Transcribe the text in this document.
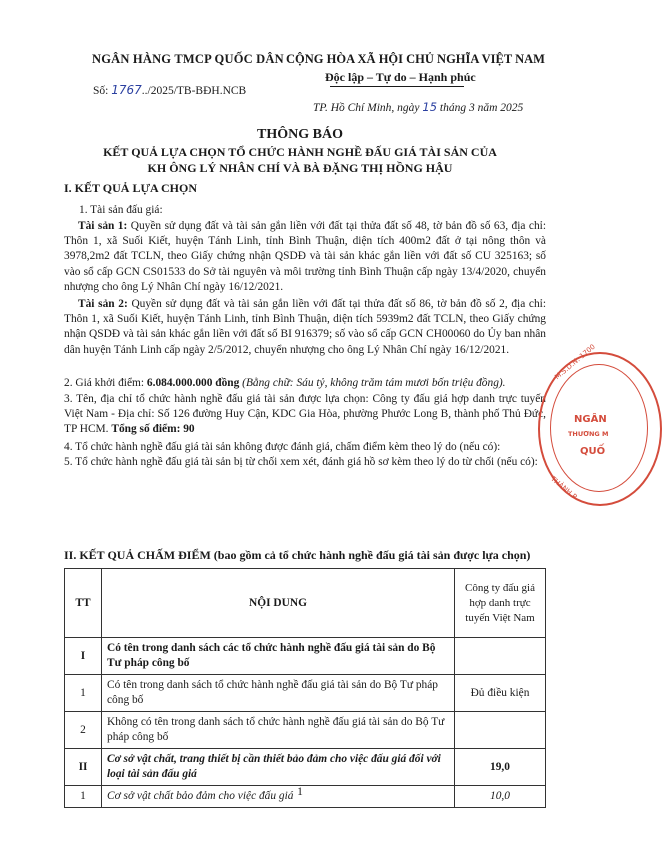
NGÂN HÀNG TMCP QUỐC DÂN CỘNG HÒA XÃ HỘI CHỦ NGHĨA VIỆT NAM
Độc lập – Tự do – Hạnh phúc
Số: 1767../2025/TB-BĐH.NCB
TP. Hồ Chí Minh, ngày 15 tháng 3 năm 2025
THÔNG BÁO
KẾT QUẢ LỰA CHỌN TỔ CHỨC HÀNH NGHỀ ĐẤU GIÁ TÀI SẢN CỦA
KH ÔNG LÝ NHÂN CHÍ VÀ BÀ ĐẶNG THỊ HỒNG HẬU
I. KẾT QUẢ LỰA CHỌN
1. Tài sản đấu giá:

Tài sản 1: Quyền sử dụng đất và tài sản gắn liền với đất tại thửa đất số 48, tờ bản đồ số 63, địa chỉ: Thôn 1, xã Suối Kiết, huyện Tánh Linh, tỉnh Bình Thuận, diện tích 400m2 đất ở tại nông thôn và 3978,2m2 đất TCLN, theo Giấy chứng nhận QSDĐ và tài sản khác gắn liền với đất số CU 325163; số vào sổ cấp GCN CS01533 do Sở tài nguyên và môi trường tỉnh Bình Thuận cấp ngày 13/4/2020, chuyển nhượng cho ông Lý Nhân Chí ngày 16/12/2021.

Tài sản 2: Quyền sử dụng đất và tài sản gắn liền với đất tại thửa đất số 86, tờ bản đồ số 2, địa chỉ: Thôn 1, xã Suối Kiết, huyện Tánh Linh, tỉnh Bình Thuận, diện tích 5939m2 đất TCLN, theo Giấy chứng nhận QSDĐ và tài sản khác gắn liền với đất số BI 916379; số vào sổ cấp GCN CH00060 do Ủy ban nhân dân huyện Tánh Linh cấp ngày 2/5/2012, chuyển nhượng cho ông Lý Nhân Chí ngày 16/12/2021.

2. Giá khởi điểm: 6.084.000.000 đồng (Bằng chữ: Sáu tỷ, không trăm tám mươi bốn triệu đồng).

3. Tên, địa chỉ tổ chức hành nghề đấu giá tài sản được lựa chọn: Công ty đấu giá hợp danh trực tuyến Việt Nam - Địa chỉ: Số 126 đường Huy Cận, KDC Gia Hòa, phường Phước Long B, thành phố Thủ Đức, TP HCM. Tổng số điểm: 90

4. Tổ chức hành nghề đấu giá tài sản không được đánh giá, chấm điểm kèm theo lý do (nếu có):

5. Tổ chức hành nghề đấu giá tài sản bị từ chối xem xét, đánh giá hồ sơ kèm theo lý do từ chối (nếu có):

II. KẾT QUẢ CHẤM ĐIỂM (bao gồm cả tổ chức hành nghề đấu giá tài sản được lựa chọn)
TT	NỘI DUNG	Công ty đấu giá hợp danh trực tuyến Việt Nam
I	Có tên trong danh sách các tổ chức hành nghề đấu giá tài sản do Bộ Tư pháp công bố	
1	Có tên trong danh sách tổ chức hành nghề đấu giá tài sản do Bộ Tư pháp công bố	Đủ điều kiện
2	Không có tên trong danh sách tổ chức hành nghề đấu giá tài sản do Bộ Tư pháp công bố	
II	Cơ sở vật chất, trang thiết bị cần thiết bảo đảm cho việc đấu giá đối với loại tài sản đấu giá	19,0
1	Cơ sở vật chất bảo đảm cho việc đấu giá	10,0
M.S.D.N: 1700
NGÂN
THƯƠNG M
QUỐ
THÀNH P
1
